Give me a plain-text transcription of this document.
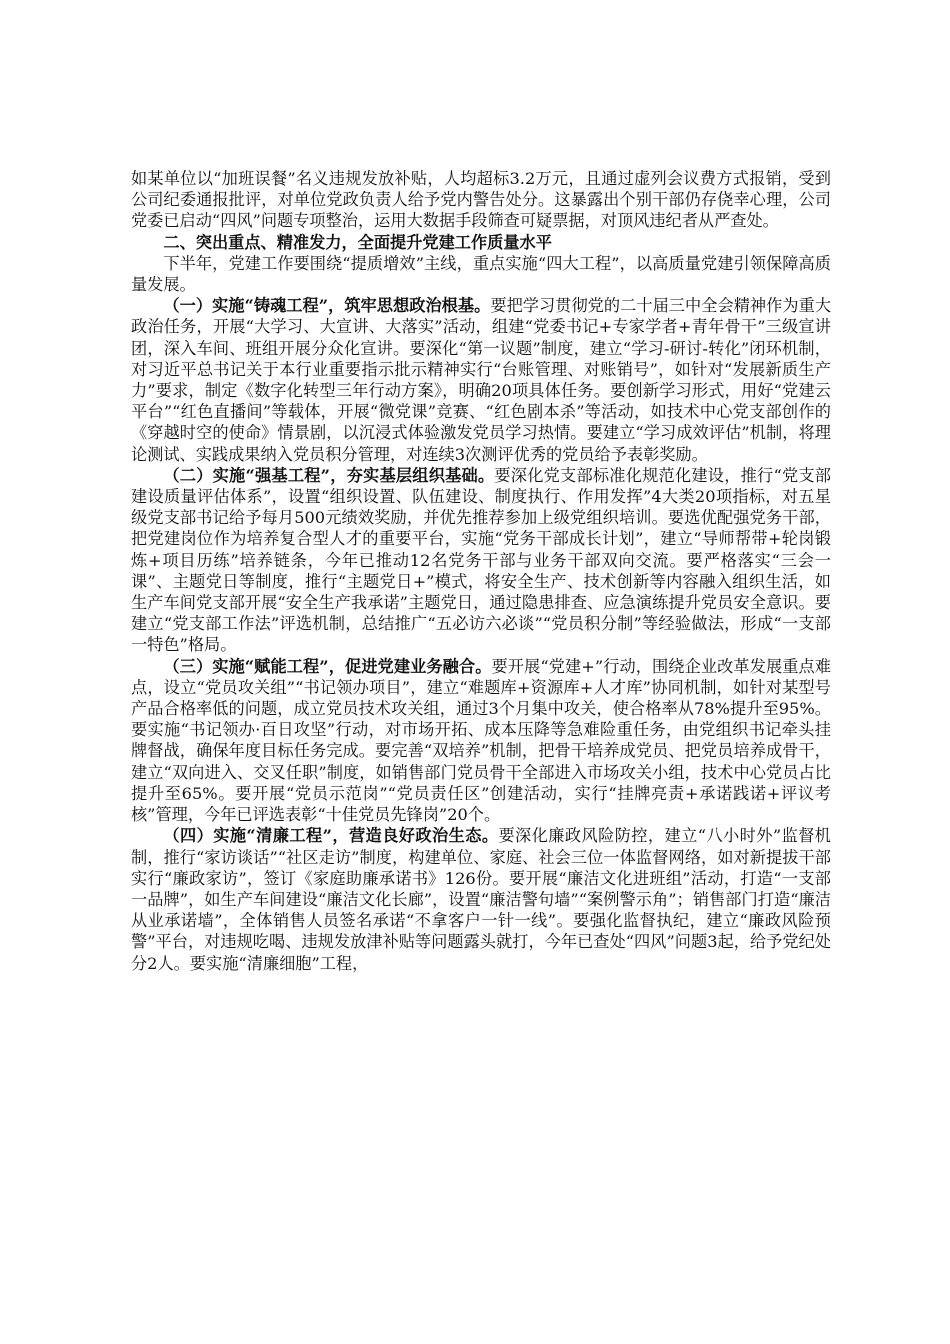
如某单位以“加班误餐”名义违规发放补贴，人均超标3.2万元，且通过虚列会议费方式报销，受到公司纪委通报批评，对单位党政负责人给予党内警告处分。这暴露出个别干部仍存侥幸心理，公司党委已启动“四风”问题专项整治，运用大数据手段筛查可疑票据，对顶风违纪者从严查处。

二、突出重点、精准发力，全面提升党建工作质量水平

下半年，党建工作要围绕“提质增效”主线，重点实施“四大工程”，以高质量党建引领保障高质量发展。

（一）实施“铸魂工程”，筑牢思想政治根基。要把学习贯彻党的二十届三中全会精神作为重大政治任务，开展“大学习、大宣讲、大落实”活动，组建“党委书记+专家学者+青年骨干”三级宣讲团，深入车间、班组开展分众化宣讲。要深化“第一议题”制度，建立“学习-研讨-转化”闭环机制，对习近平总书记关于本行业重要指示批示精神实行“台账管理、对账销号”，如针对“发展新质生产力”要求，制定《数字化转型三年行动方案》，明确20项具体任务。要创新学习形式，用好“党建云平台”“红色直播间”等载体，开展“微党课”竞赛、“红色剧本杀”等活动，如技术中心党支部创作的《穿越时空的使命》情景剧，以沉浸式体验激发党员学习热情。要建立“学习成效评估”机制，将理论测试、实践成果纳入党员积分管理，对连续3次测评优秀的党员给予表彰奖励。

（二）实施“强基工程”，夯实基层组织基础。要深化党支部标准化规范化建设，推行“党支部建设质量评估体系”，设置“组织设置、队伍建设、制度执行、作用发挥”4大类20项指标，对五星级党支部书记给予每月500元绩效奖励，并优先推荐参加上级党组织培训。要选优配强党务干部，把党建岗位作为培养复合型人才的重要平台，实施“党务干部成长计划”，建立“导师帮带+轮岗锻炼+项目历练”培养链条，今年已推动12名党务干部与业务干部双向交流。要严格落实“三会一课”、主题党日等制度，推行“主题党日+”模式，将安全生产、技术创新等内容融入组织生活，如生产车间党支部开展“安全生产我承诺”主题党日，通过隐患排查、应急演练提升党员安全意识。要建立“党支部工作法”评选机制，总结推广“五必访六必谈”“党员积分制”等经验做法，形成“一支部一特色”格局。

（三）实施“赋能工程”，促进党建业务融合。要开展“党建+”行动，围绕企业改革发展重点难点，设立“党员攻关组”“书记领办项目”，建立“难题库+资源库+人才库”协同机制，如针对某型号产品合格率低的问题，成立党员技术攻关组，通过3个月集中攻关，使合格率从78%提升至95%。要实施“书记领办·百日攻坚”行动，对市场开拓、成本压降等急难险重任务，由党组织书记牵头挂牌督战，确保年度目标任务完成。要完善“双培养”机制，把骨干培养成党员、把党员培养成骨干，建立“双向进入、交叉任职”制度，如销售部门党员骨干全部进入市场攻关小组，技术中心党员占比提升至65%。要开展“党员示范岗”“党员责任区”创建活动，实行“挂牌亮责+承诺践诺+评议考核”管理，今年已评选表彰“十佳党员先锋岗”20个。

（四）实施“清廉工程”，营造良好政治生态。要深化廉政风险防控，建立“八小时外”监督机制，推行“家访谈话”“社区走访”制度，构建单位、家庭、社会三位一体监督网络，如对新提拔干部实行“廉政家访”，签订《家庭助廉承诺书》126份。要开展“廉洁文化进班组”活动，打造“一支部一品牌”，如生产车间建设“廉洁文化长廊”，设置“廉洁警句墙”“案例警示角”；销售部门打造“廉洁从业承诺墙”，全体销售人员签名承诺“不拿客户一针一线”。要强化监督执纪，建立“廉政风险预警”平台，对违规吃喝、违规发放津补贴等问题露头就打，今年已查处“四风”问题3起，给予党纪处分2人。要实施“清廉细胞”工程，
